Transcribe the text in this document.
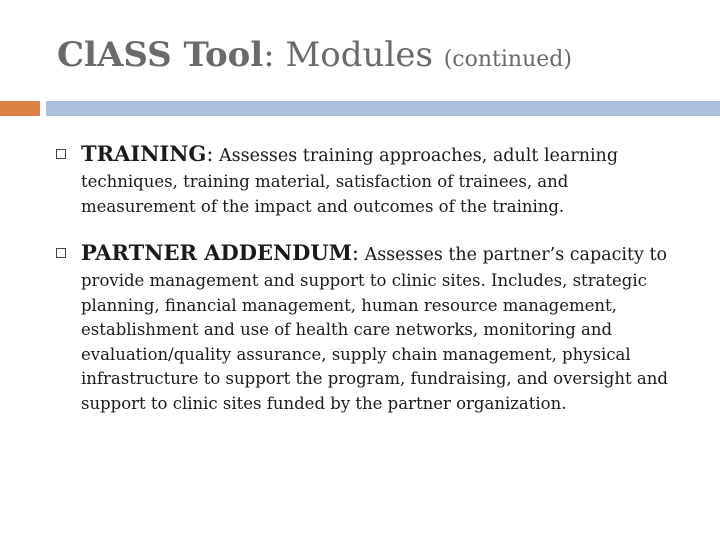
ClASS Tool: Modules (continued)
TRAINING: Assesses training approaches, adult learning
techniques, training material, satisfaction of trainees, and measurement of the impact and outcomes of the training.
PARTNER ADDENDUM: Assesses the partner’s capacity to
provide management and support to clinic sites. Includes, strategic planning, financial management, human resource management, establishment and use of health care networks, monitoring and evaluation/quality assurance, supply chain management, physical infrastructure to support the program, fundraising, and oversight and support to clinic sites funded by the partner organization.
